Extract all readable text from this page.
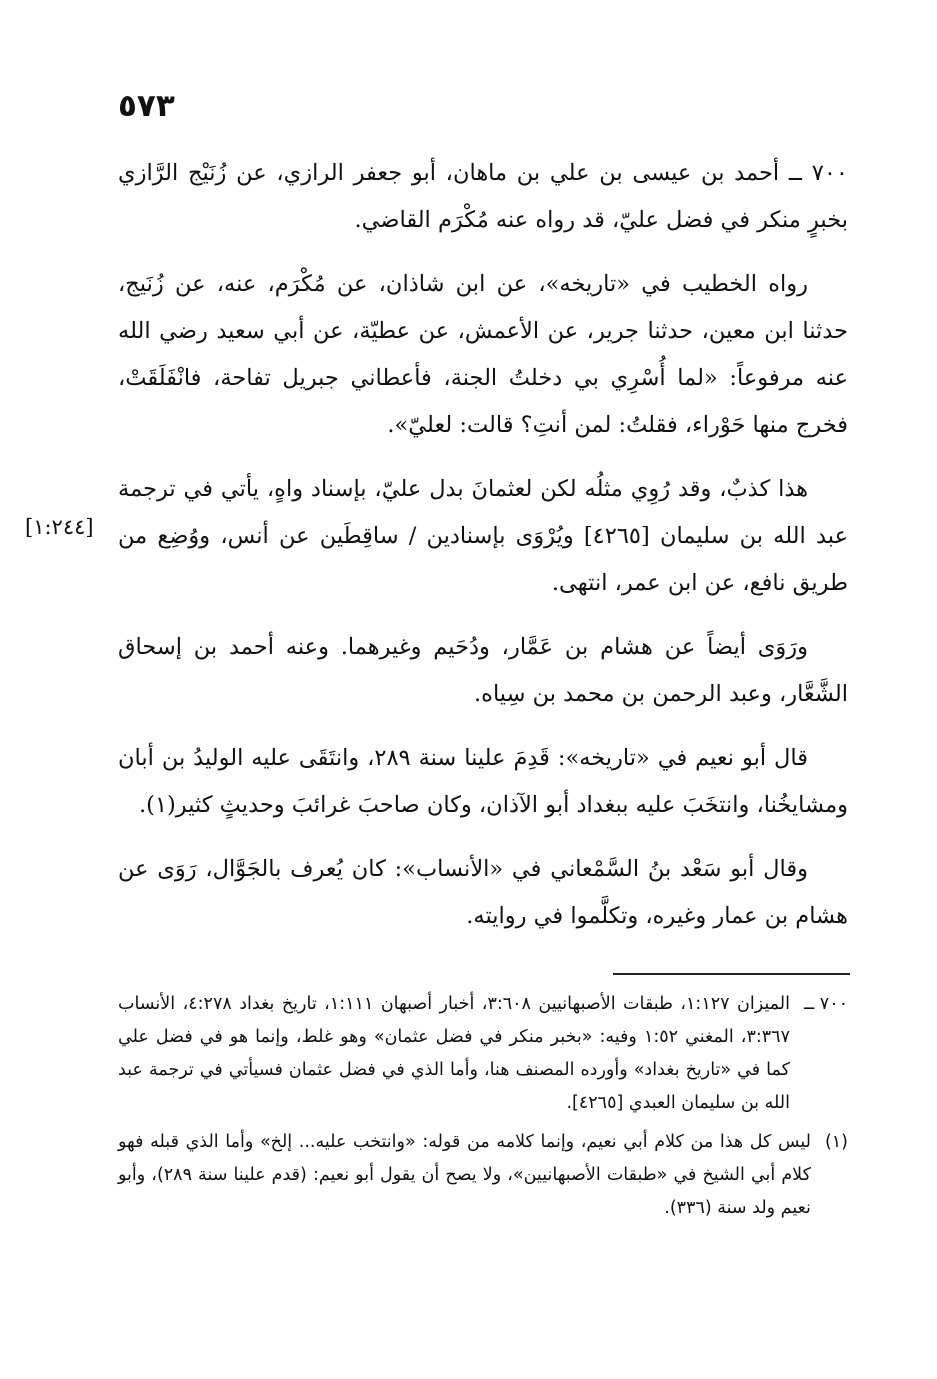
٥٧٣

٧٠٠ ــ أحمد بن عيسى بن علي بن ماهان، أبو جعفر الرازي، عن زُنَيْج الرَّازي بخبرٍ منكر في فضل عليّ، قد رواه عنه مُكْرَم القاضي.

رواه الخطيب في «تاريخه»، عن ابن شاذان، عن مُكْرَم، عنه، عن زُنَيج، حدثنا ابن معين، حدثنا جرير، عن الأعمش، عن عطيّة، عن أبي سعيد رضي الله عنه مرفوعاً: «لما أُسْرِي بي دخلتُ الجنة، فأعطاني جبريل تفاحة، فانْفَلَقَتْ، فخرج منها حَوْراء، فقلتُ: لمن أنتِ؟ قالت: لعليّ».

هذا كذبٌ، وقد رُوِي مثلُه لكن لعثمانَ بدل عليّ، بإسناد واهٍ، يأتي في ترجمة عبد الله بن سليمان [٤٢٦٥] ويُرْوَى بإسنادين / ساقِطَين عن أنس، ووُضِع من طريق نافع، عن ابن عمر، انتهى.

ورَوَى أيضاً عن هشام بن عَمَّار، ودُحَيم وغيرهما. وعنه أحمد بن إسحاق الشَّعَّار، وعبد الرحمن بن محمد بن سِياه.

قال أبو نعيم في «تاريخه»: قَدِمَ علينا سنة ٢٨٩، وانتَقَى عليه الوليدُ بن أبان ومشايخُنا، وانتخَبَ عليه ببغداد أبو الآذان، وكان صاحبَ غرائبَ وحديثٍ كثير(١).

وقال أبو سَعْد بنُ السَّمْعاني في «الأنساب»: كان يُعرف بالجَوَّال، رَوَى عن هشام بن عمار وغيره، وتكلَّموا في روايته.

[١:٢٤٤]
٧٠٠ ــ
الميزان ١:١٢٧، طبقات الأصبهانيين ٣:٦٠٨، أخبار أصبهان ١:١١١، تاريخ بغداد ٤:٢٧٨، الأنساب ٣:٣٦٧، المغني ١:٥٢ وفيه: «بخبر منكر في فضل عثمان» وهو غلط، وإنما هو في فضل علي كما في «تاريخ بغداد» وأورده المصنف هنا، وأما الذي في فضل عثمان فسيأتي في ترجمة عبد الله بن سليمان العبدي [٤٢٦٥].
(١)
ليس كل هذا من كلام أبي نعيم، وإنما كلامه من قوله: «وانتخب عليه... إلخ» وأما الذي قبله فهو كلام أبي الشيخ في «طبقات الأصبهانيين»، ولا يصح أن يقول أبو نعيم: (قدم علينا سنة ٢٨٩)، وأبو نعيم ولد سنة (٣٣٦).
